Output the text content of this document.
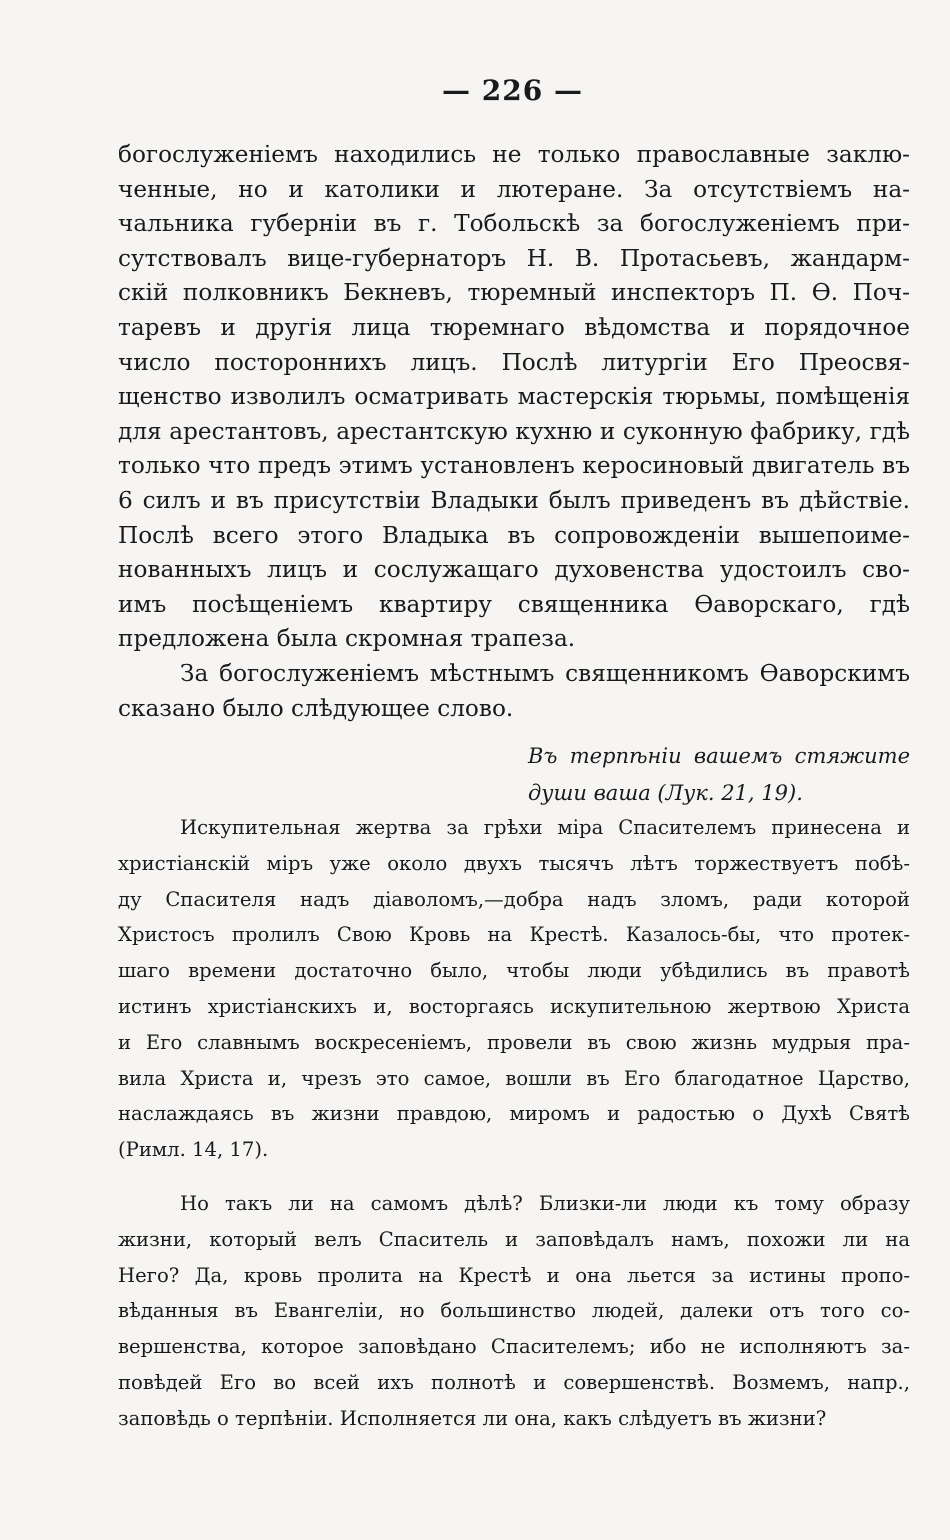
— 226 —
богослуженіемъ находились не только православные заклю-
ченные, но и католики и лютеране. За отсутствіемъ на-
чальника губерніи въ г. Тобольскѣ за богослуженіемъ при-
сутствовалъ вице-губернаторъ Н. В. Протасьевъ, жандарм-
скій полковникъ Бекневъ, тюремный инспекторъ П. Ѳ. Поч-
таревъ и другія лица тюремнаго вѣдомства и порядочное
число постороннихъ лицъ. Послѣ литургіи Его Преосвя-
щенство изволилъ осматривать мастерскія тюрьмы, помѣщенія
для арестантовъ, арестантскую кухню и суконную фабрику, гдѣ
только что предъ этимъ установленъ керосиновый двигатель въ
6 силъ и въ присутствіи Владыки былъ приведенъ въ дѣйствіе.
Послѣ всего этого Владыка въ сопровожденіи вышепоиме-
нованныхъ лицъ и сослужащаго духовенства удостоилъ сво-
имъ посѣщеніемъ квартиру священника Ѳаворскаго, гдѣ
предложена была скромная трапеза.
За богослуженіемъ мѣстнымъ священникомъ Ѳаворскимъ
сказано было слѣдующее слово.
Въ терпѣніи вашемъ стяжите
души ваша (Лук. 21, 19).
Искупительная жертва за грѣхи міра Спасителемъ принесена и
христіанскій міръ уже около двухъ тысячъ лѣтъ торжествуетъ побѣ-
ду Спасителя надъ діаволомъ,—добра надъ зломъ, ради которой
Христосъ пролилъ Свою Кровь на Крестѣ. Казалось-бы, что протек-
шаго времени достаточно было, чтобы люди убѣдились въ правотѣ
истинъ христіанскихъ и, восторгаясь искупительною жертвою Христа
и Его славнымъ воскресеніемъ, провели въ свою жизнь мудрыя пра-
вила Христа и, чрезъ это самое, вошли въ Его благодатное Царство,
наслаждаясь въ жизни правдою, миромъ и радостью о Духѣ Святѣ
(Римл. 14, 17).
Но такъ ли на самомъ дѣлѣ? Близки-ли люди къ тому образу
жизни, который велъ Спаситель и заповѣдалъ намъ, похожи ли на
Него? Да, кровь пролита на Крестѣ и она льется за истины пропо-
вѣданныя въ Евангеліи, но большинство людей, далеки отъ того со-
вершенства, которое заповѣдано Спасителемъ; ибо не исполняютъ за-
повѣдей Его во всей ихъ полнотѣ и совершенствѣ. Возмемъ, напр.,
заповѣдь о терпѣніи. Исполняется ли она, какъ слѣдуетъ въ жизни?
